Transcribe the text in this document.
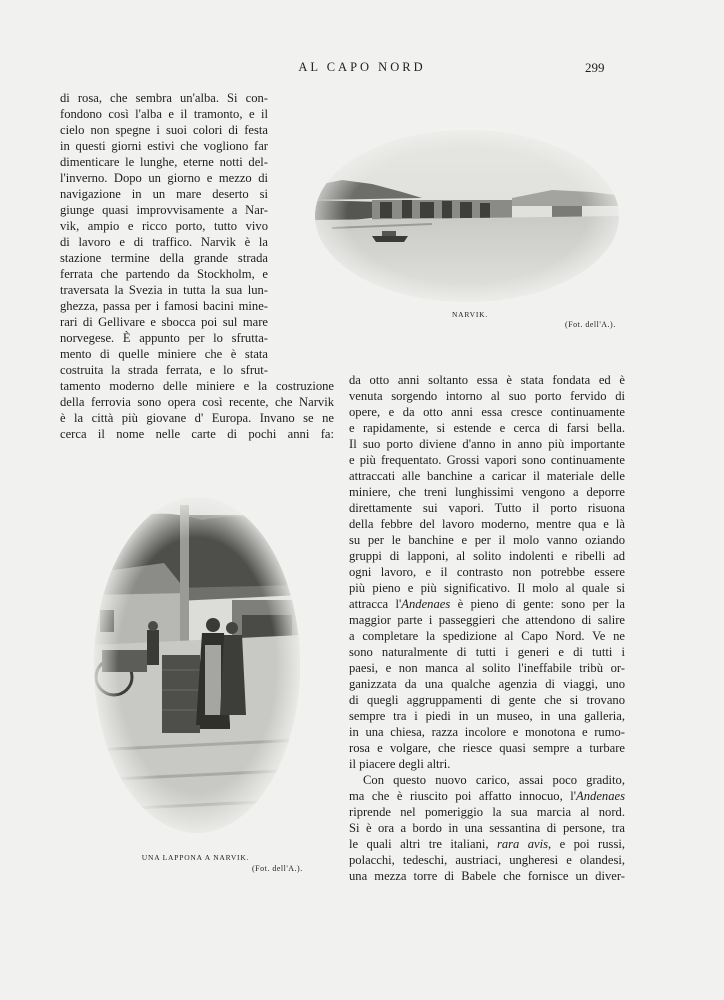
AL CAPO NORD	299
di rosa, che sembra un'alba. Si con-
fondono così l'alba e il tramonto, e il
cielo non spegne i suoi colori di festa
in questi giorni estivi che vogliono far
dimenticare le lunghe, eterne notti del-
l'inverno. Dopo un giorno e mezzo di
navigazione in un mare deserto si
giunge quasi improvvisamente a Nar-
vik, ampio e ricco porto, tutto vivo
di lavoro e di traffico. Narvik è la
stazione termine della grande strada
ferrata che partendo da Stockholm, e
traversata la Svezia in tutta la sua lun-
ghezza, passa per i famosi bacini mine-
rari di Gellivare e sbocca poi sul mare
norvegese. È appunto per lo sfrutta-
mento di quelle miniere che è stata
costruita la strada ferrata, e lo sfrut-
tamento moderno delle miniere e la costruzione
della ferrovia sono opera così recente, che Narvik
è la città più giovane d' Europa. Invano se ne
cerca il nome nelle carte di pochi anni fa:
NARVIK.
(Fot. dell'A.).
da otto anni soltanto essa è stata fondata ed è
venuta sorgendo intorno al suo porto fervido di
opere, e da otto anni essa cresce continuamente
e rapidamente, si estende e cerca di farsi bella.
Il suo porto diviene d'anno in anno più importante
e più frequentato. Grossi vapori sono continuamente
attraccati alle banchine a caricar il materiale delle
miniere, che treni lunghissimi vengono a deporre
direttamente sui vapori. Tutto il porto risuona
della febbre del lavoro moderno, mentre qua e là
su per le banchine e per il molo vanno oziando
gruppi di lapponi, al solito indolenti e ribelli ad
ogni lavoro, e il contrasto non potrebbe essere
più pieno e più significativo. Il molo al quale si
attracca l'Andenaes è pieno di gente: sono per la
maggior parte i passeggieri che attendono di salire
a completare la spedizione al Capo Nord. Ve ne
sono naturalmente di tutti i generi e di tutti i
paesi, e non manca al solito l'ineffabile tribù or-
ganizzata da una qualche agenzia di viaggi, uno
di quegli aggruppamenti di gente che si trovano
sempre tra i piedi in un museo, in una galleria,
in una chiesa, razza incolore e monotona e rumo-
rosa e volgare, che riesce quasi sempre a turbare
il piacere degli altri.
Con questo nuovo carico, assai poco gradito,
ma che è riuscito poi affatto innocuo, l'Andenaes
riprende nel pomeriggio la sua marcia al nord.
Si è ora a bordo in una sessantina di persone, tra
le quali altri tre italiani, rara avis, e poi russi,
polacchi, tedeschi, austriaci, ungheresi e olandesi,
una mezza torre di Babele che fornisce un diver-
UNA LAPPONA A NARVIK.
(Fot. dell'A.).
